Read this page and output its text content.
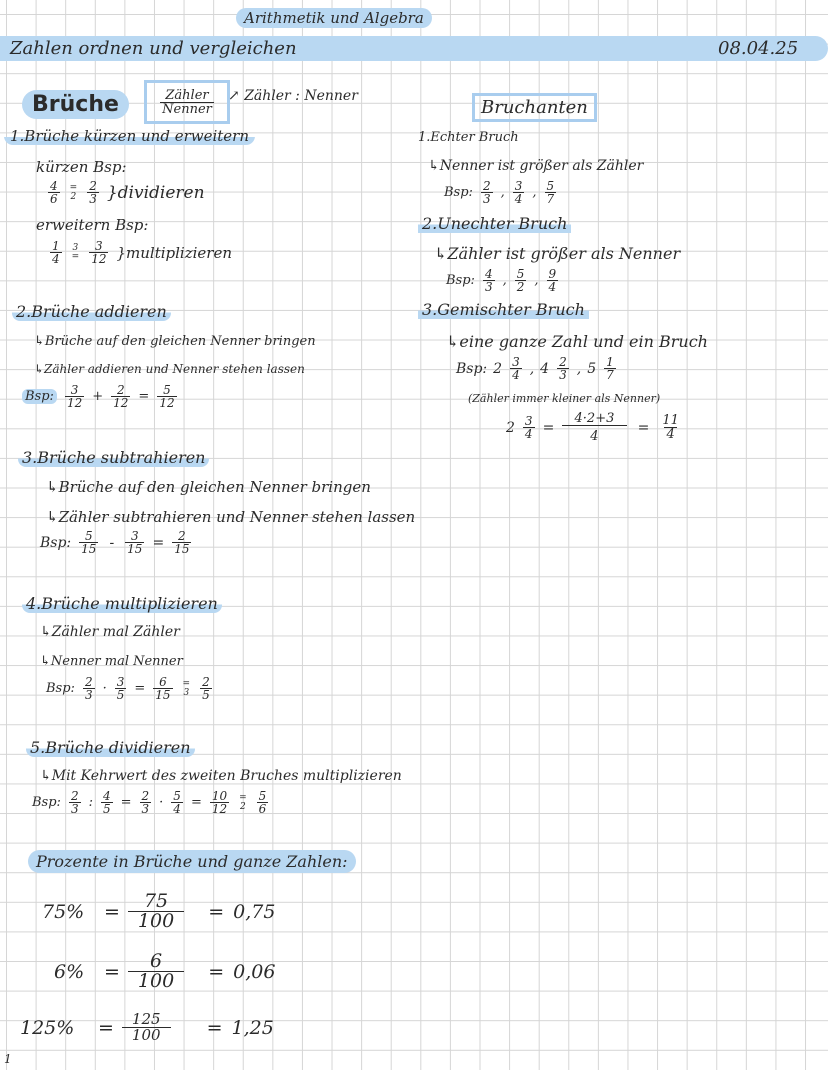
Arithmetik und Algebra
Zahlen ordnen und vergleichen	08.04.25
Brüche	$\frac{\text{Zähler}}{\text{Nenner}}$ ↗ Zähler : Nenner
1.Brüche kürzen und erweitern
kürzen Bsp:
$\frac{4}{6}$ =
$2 \frac{2}{3}$ }dividieren
erweitern Bsp:
$\frac{1}{4} 3$
= $\frac{3}{12}$ }multiplizieren
2.Brüche addieren
↳Brüche auf den gleichen Nenner bringen
↳Zähler addieren und Nenner stehen lassen
Bsp: $\frac{3}{12} + \frac{2}{12} = \frac{5}{12}$
3.Brüche subtrahieren
↳Brüche auf den gleichen Nenner bringen
↳Zähler subtrahieren und Nenner stehen lassen
Bsp: $\frac{5}{15} - \frac{3}{15} = \frac{2}{15}$
4.Brüche multiplizieren
↳Zähler mal Zähler
↳Nenner mal Nenner
Bsp: $\frac{2}{3} \cdot \frac{3}{5} = \frac{6}{15}$ =
$3 \frac{2}{5}$
5.Brüche dividieren
↳Mit Kehrwert des zweiten Bruches multiplizieren
Bsp: $\frac{2}{3}$ : $\frac{4}{5} = \frac{2}{3} \cdot \frac{5}{4} = \frac{10}{12}$ =
$2 \frac{5}{6}$
Bruchanten
1.Echter Bruch
↳Nenner ist größer als Zähler
Bsp: $\frac{2}{3}$ , $\frac{3}{4}$ , $\frac{5}{7}$
2.Unechter Bruch
↳Zähler ist größer als Nenner
Bsp: $\frac{4}{3}$ , $\frac{5}{2}$ , $\frac{9}{4}$
3.Gemischter Bruch
↳eine ganze Zahl und ein Bruch
Bsp: $2 \frac{3}{4}$ , $4 \frac{2}{3}$ , $5 \frac{1}{7}$
(Zähler immer kleiner als Nenner)
$2 \frac{3}{4} = \frac{4\cdot 2+3}{4} = \frac{11}{4}$
Prozente in Brüche und ganze Zahlen:
75%	= $\frac{75}{100} = 0,75$
6%	= $\frac{6}{100} = 0,06$
125%	= $\frac{125}{100} = 1,25$
1
